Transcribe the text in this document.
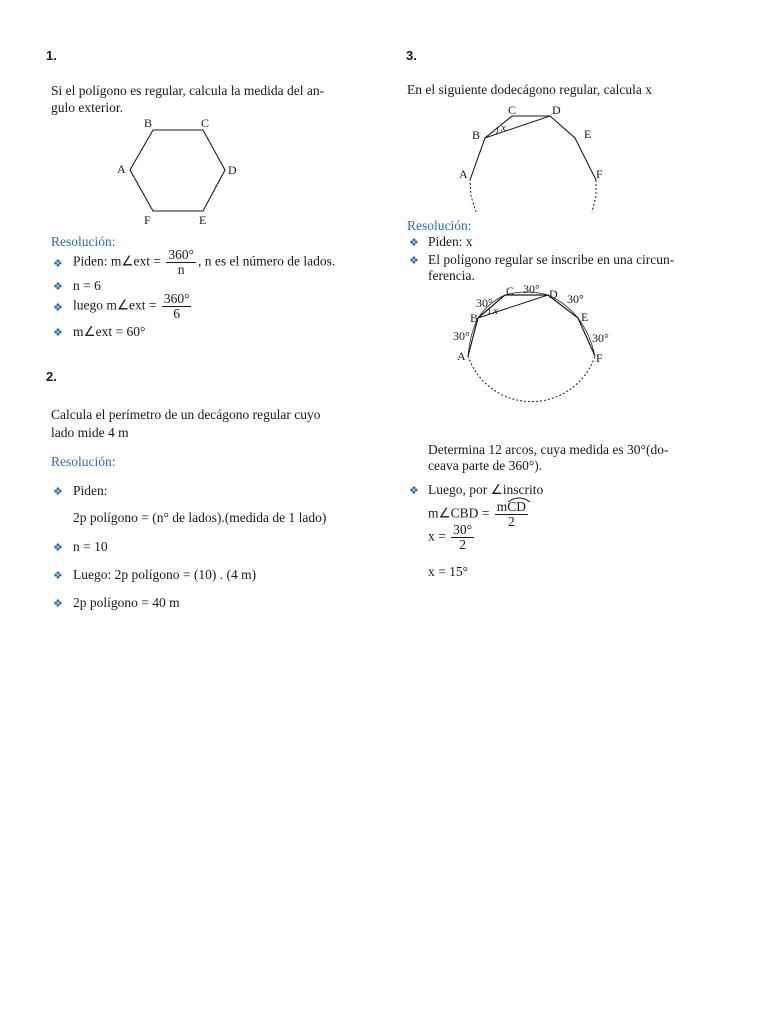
1.
Si el polígono es regular, calcula la medida del an-
gulo exterior.
B	C
A	D
F	E
Resolución:
❖ Piden: m∠ext = $\frac{360^\circ}{n}$ , n es el número de lados.
❖ n = 6
❖ luego m∠ext = $\frac{360^\circ}{6}$
❖ m∠ext = 60°
2.
Calcula el perímetro de un decágono regular cuyo
lado mide 4 m
Resolución:
❖ Piden:
2p polígono = (n° de lados).(medida de 1 lado)
❖ n = 10
❖ Luego: 2p polígono = (10) . (4 m)
❖ 2p polígono = 40 m
3.
En el siguiente dodecágono regular, calcula x
x
C	D
B	E
A	F
Resolución:
❖ Piden: x
❖ El polígono regular se inscribe en una circun-
ferencia.
x
C	D
B	E
A	F
30°
30°	30°
30°	30°
Determina 12 arcos, cuya medida es 30°(do-
ceava parte de 360°).
❖ Luego, por ∠inscrito
m∠CBD = $\frac{\text{mCD}}{2}$
$x = \frac{30^\circ}{2}$
x = 15°
